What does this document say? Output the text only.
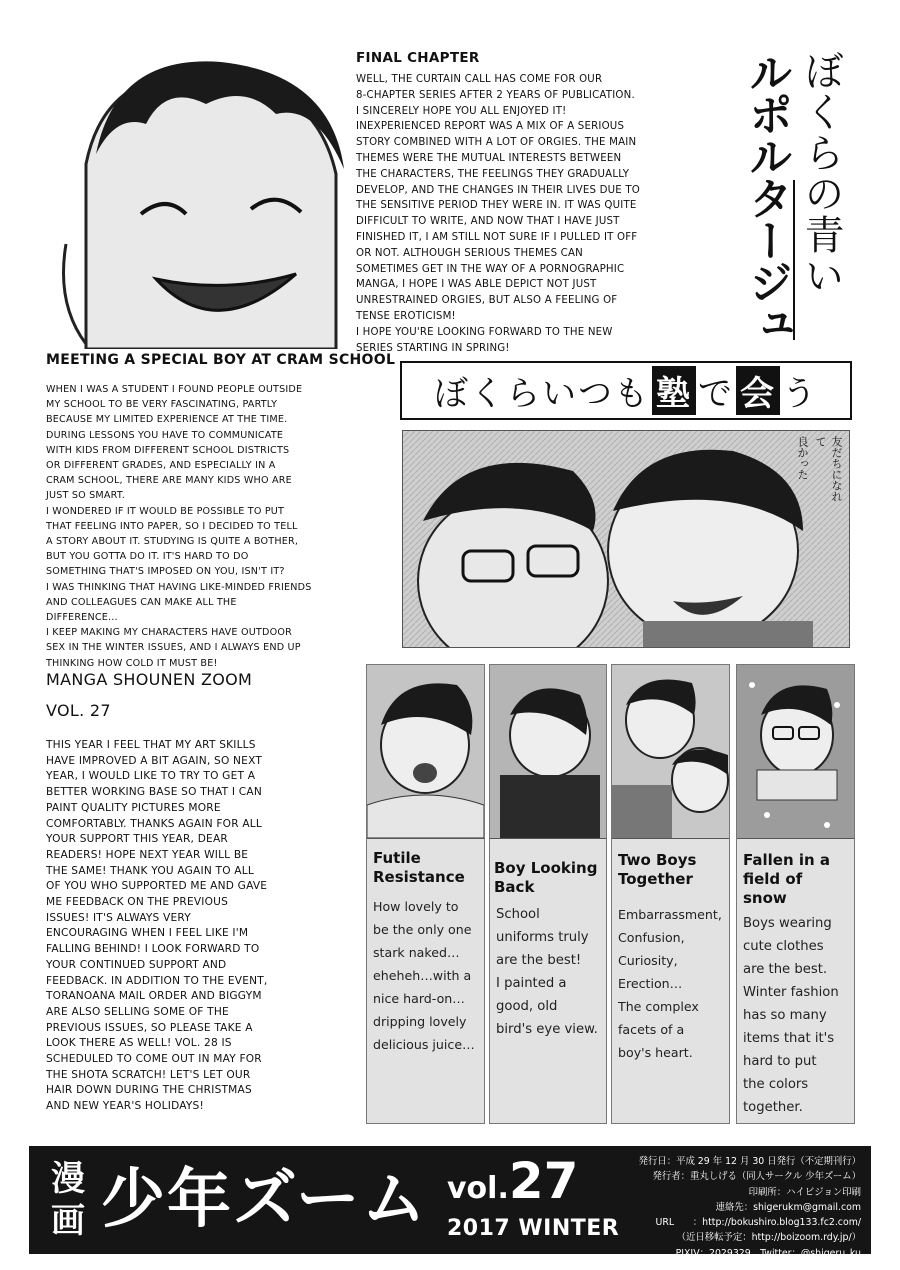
FINAL CHAPTER
WELL, THE CURTAIN CALL HAS COME FOR OUR
8-CHAPTER SERIES AFTER 2 YEARS OF PUBLICATION.
I SINCERELY HOPE YOU ALL ENJOYED IT!
INEXPERIENCED REPORT WAS A MIX OF A SERIOUS
STORY COMBINED WITH A LOT OF ORGIES. THE MAIN
THEMES WERE THE MUTUAL INTERESTS BETWEEN
THE CHARACTERS, THE FEELINGS THEY GRADUALLY
DEVELOP, AND THE CHANGES IN THEIR LIVES DUE TO
THE SENSITIVE PERIOD THEY WERE IN. IT WAS QUITE
DIFFICULT TO WRITE, AND NOW THAT I HAVE JUST
FINISHED IT, I AM STILL NOT SURE IF I PULLED IT OFF
OR NOT. ALTHOUGH SERIOUS THEMES CAN
SOMETIMES GET IN THE WAY OF A PORNOGRAPHIC
MANGA, I HOPE I WAS ABLE DEPICT NOT JUST
UNRESTRAINED ORGIES, BUT ALSO A FEELING OF
TENSE EROTICISM!
I HOPE YOU'RE LOOKING FORWARD TO THE NEW
SERIES STARTING IN SPRING!
ぼくらの青い
ルポルタージュ
MEETING A SPECIAL BOY AT CRAM SCHOOL
WHEN I WAS A STUDENT I FOUND PEOPLE OUTSIDE
MY SCHOOL TO BE VERY FASCINATING, PARTLY
BECAUSE MY LIMITED EXPERIENCE AT THE TIME.
DURING LESSONS YOU HAVE TO COMMUNICATE
WITH KIDS FROM DIFFERENT SCHOOL DISTRICTS
OR DIFFERENT GRADES, AND ESPECIALLY IN A
CRAM SCHOOL, THERE ARE MANY KIDS WHO ARE
JUST SO SMART.
I WONDERED IF IT WOULD BE POSSIBLE TO PUT
THAT FEELING INTO PAPER, SO I DECIDED TO TELL
A STORY ABOUT IT. STUDYING IS QUITE A BOTHER,
BUT YOU GOTTA DO IT. IT'S HARD TO DO
SOMETHING THAT'S IMPOSED ON YOU, ISN'T IT?
I WAS THINKING THAT HAVING LIKE-MINDED FRIENDS
AND COLLEAGUES CAN MAKE ALL THE
DIFFERENCE…
I KEEP MAKING MY CHARACTERS HAVE OUTDOOR
SEX IN THE WINTER ISSUES, AND I ALWAYS END UP
THINKING HOW COLD IT MUST BE!
ぼくらいつも 塾 で 会 う
友だちになれて
良かった
MANGA SHOUNEN ZOOM
VOL. 27
THIS YEAR I FEEL THAT MY ART SKILLS
HAVE IMPROVED A BIT AGAIN, SO NEXT
YEAR, I WOULD LIKE TO TRY TO GET A
BETTER WORKING BASE SO THAT I CAN
PAINT QUALITY PICTURES MORE
COMFORTABLY. THANKS AGAIN FOR ALL
YOUR SUPPORT THIS YEAR, DEAR
READERS! HOPE NEXT YEAR WILL BE
THE SAME! THANK YOU AGAIN TO ALL
OF YOU WHO SUPPORTED ME AND GAVE
ME FEEDBACK ON THE PREVIOUS
ISSUES! IT'S ALWAYS VERY
ENCOURAGING WHEN I FEEL LIKE I'M
FALLING BEHIND! I LOOK FORWARD TO
YOUR CONTINUED SUPPORT AND
FEEDBACK. IN ADDITION TO THE EVENT,
TORANOANA MAIL ORDER AND BIGGYM
ARE ALSO SELLING SOME OF THE
PREVIOUS ISSUES, SO PLEASE TAKE A
LOOK THERE AS WELL! VOL. 28 IS
SCHEDULED TO COME OUT IN MAY FOR
THE SHOTA SCRATCH! LET'S LET OUR
HAIR DOWN DURING THE CHRISTMAS
AND NEW YEAR'S HOLIDAYS!
Futile
Resistance
How lovely to
be the only one
stark naked…
eheheh…with a
nice hard-on…
dripping lovely
delicious juice…
Boy Looking
Back
School
uniforms truly
are the best!
I painted a
good, old
bird's eye view.
Two Boys
Together
Embarrassment,
Confusion,
Curiosity,
Erection…
The complex
facets of a
boy's heart.
Fallen in a
field of snow
Boys wearing
cute clothes
are the best.
Winter fashion
has so many
items that it's
hard to put
the colors
together.
漫
画 少年ズーム vol.27
2017 WINTER
発行日：平成 29 年 12 月 30 日発行（不定期刊行）
発行者：重丸しげる（同人サークル 少年ズーム）
印刷所：ハイビジョン印刷
連絡先：shigerukm@gmail.com
URL　　：http://bokushiro.blog133.fc2.com/
（近日移転予定：http://boizoom.rdy.jp/）
PIXIV：2029329　Twitter：@shigeru_ku
